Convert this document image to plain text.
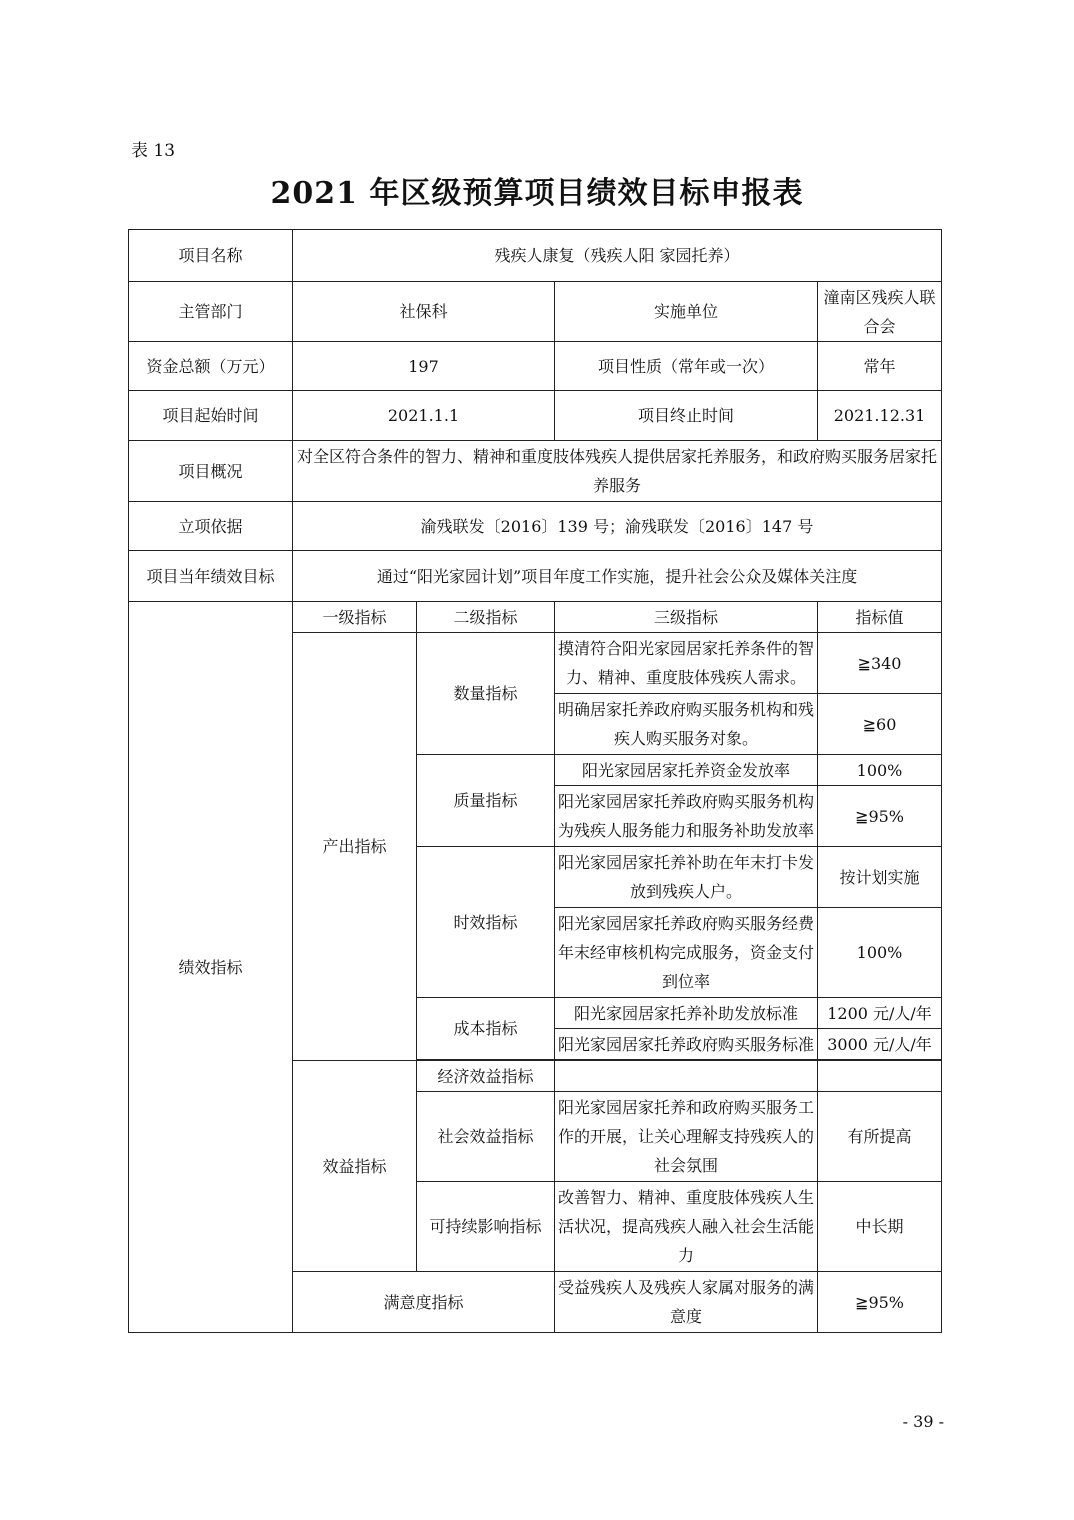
表 13
2021 年区级预算项目绩效目标申报表
项目名称	残疾人康复（残疾人阳 家园托养）			
主管部门	社保科		实施单位	潼南区残疾人联合会
资金总额（万元）	197		项目性质（常年或一次）	常年
项目起始时间	2021.1.1		项目终止时间	2021.12.31
项目概况	对全区符合条件的智力、精神和重度肢体残疾人提供居家托养服务，和政府购买服务居家托养服务			
立项依据	渝残联发〔2016〕139 号；渝残联发〔2016〕147 号			
项目当年绩效目标	通过“阳光家园计划”项目年度工作实施，提升社会公众及媒体关注度			
绩效指标	一级指标	二级指标	三级指标	指标值
	产出指标	数量指标	摸清符合阳光家园居家托养条件的智力、精神、重度肢体残疾人需求。	≧340
			明确居家托养政府购买服务机构和残疾人购买服务对象。	≧60
		质量指标	阳光家园居家托养资金发放率	100%
			阳光家园居家托养政府购买服务机构为残疾人服务能力和服务补助发放率	≧95%
		时效指标	阳光家园居家托养补助在年末打卡发放到残疾人户。	按计划实施
			阳光家园居家托养政府购买服务经费年末经审核机构完成服务，资金支付到位率	100%
		成本指标	阳光家园居家托养补助发放标准	1200 元/人/年
			阳光家园居家托养政府购买服务标准	3000 元/人/年

	效益指标	经济效益指标		
		社会效益指标	阳光家园居家托养和政府购买服务工作的开展，让关心理解支持残疾人的社会氛围	有所提高
		可持续影响指标	改善智力、精神、重度肢体残疾人生活状况，提高残疾人融入社会生活能力	中长期
	满意度指标		受益残疾人及残疾人家属对服务的满意度	≧95%
- 39 -
